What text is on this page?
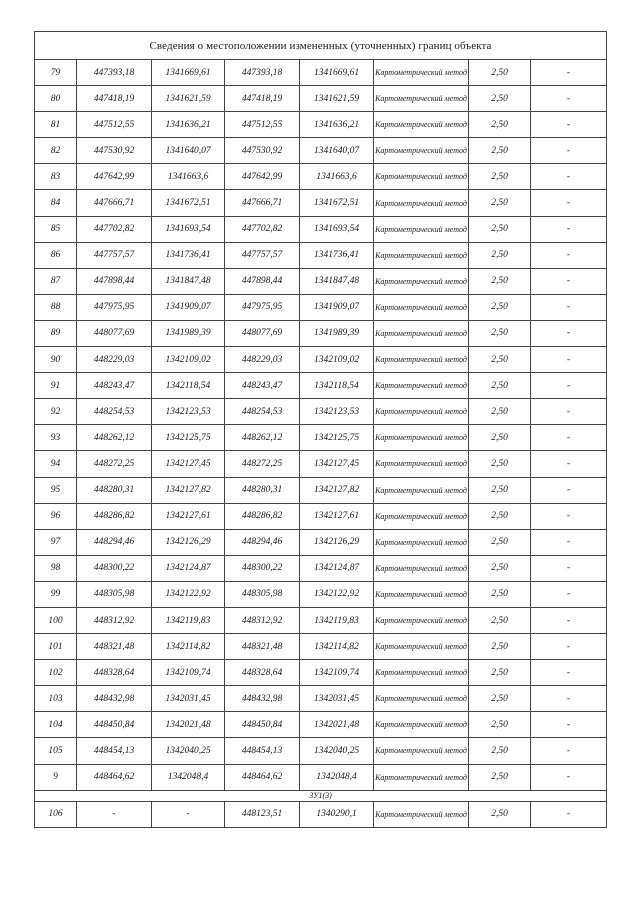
Сведения о местоположении измененных (уточненных) границ объекта							
79	447393,18	1341669,61	447393,18	1341669,61	Картометрический метод	2,50	-
80	447418,19	1341621,59	447418,19	1341621,59	Картометрический метод	2,50	-
81	447512,55	1341636,21	447512,55	1341636,21	Картометрический метод	2,50	-
82	447530,92	1341640,07	447530,92	1341640,07	Картометрический метод	2,50	-
83	447642,99	1341663,6	447642,99	1341663,6	Картометрический метод	2,50	-
84	447666,71	1341672,51	447666,71	1341672,51	Картометрический метод	2,50	-
85	447702,82	1341693,54	447702,82	1341693,54	Картометрический метод	2,50	-
86	447757,57	1341736,41	447757,57	1341736,41	Картометрический метод	2,50	-
87	447898,44	1341847,48	447898,44	1341847,48	Картометрический метод	2,50	-
88	447975,95	1341909,07	447975,95	1341909,07	Картометрический метод	2,50	-
89	448077,69	1341989,39	448077,69	1341989,39	Картометрический метод	2,50	-
90	448229,03	1342109,02	448229,03	1342109,02	Картометрический метод	2,50	-
91	448243,47	1342118,54	448243,47	1342118,54	Картометрический метод	2,50	-
92	448254,53	1342123,53	448254,53	1342123,53	Картометрический метод	2,50	-
93	448262,12	1342125,75	448262,12	1342125,75	Картометрический метод	2,50	-
94	448272,25	1342127,45	448272,25	1342127,45	Картометрический метод	2,50	-
95	448280,31	1342127,82	448280,31	1342127,82	Картометрический метод	2,50	-
96	448286,82	1342127,61	448286,82	1342127,61	Картометрический метод	2,50	-
97	448294,46	1342126,29	448294,46	1342126,29	Картометрический метод	2,50	-
98	448300,22	1342124,87	448300,22	1342124,87	Картометрический метод	2,50	-
99	448305,98	1342122,92	448305,98	1342122,92	Картометрический метод	2,50	-
100	448312,92	1342119,83	448312,92	1342119,83	Картометрический метод	2,50	-
101	448321,48	1342114,82	448321,48	1342114,82	Картометрический метод	2,50	-
102	448328,64	1342109,74	448328,64	1342109,74	Картометрический метод	2,50	-
103	448432,98	1342031,45	448432,98	1342031,45	Картометрический метод	2,50	-
104	448450,84	1342021,48	448450,84	1342021,48	Картометрический метод	2,50	-
105	448454,13	1342040,25	448454,13	1342040,25	Картометрический метод	2,50	-
9	448464,62	1342048,4	448464,62	1342048,4	Картометрический метод	2,50	-
ЗУ1(3)							
106	-	-	448123,51	1340290,1	Картометрический метод	2,50	-
